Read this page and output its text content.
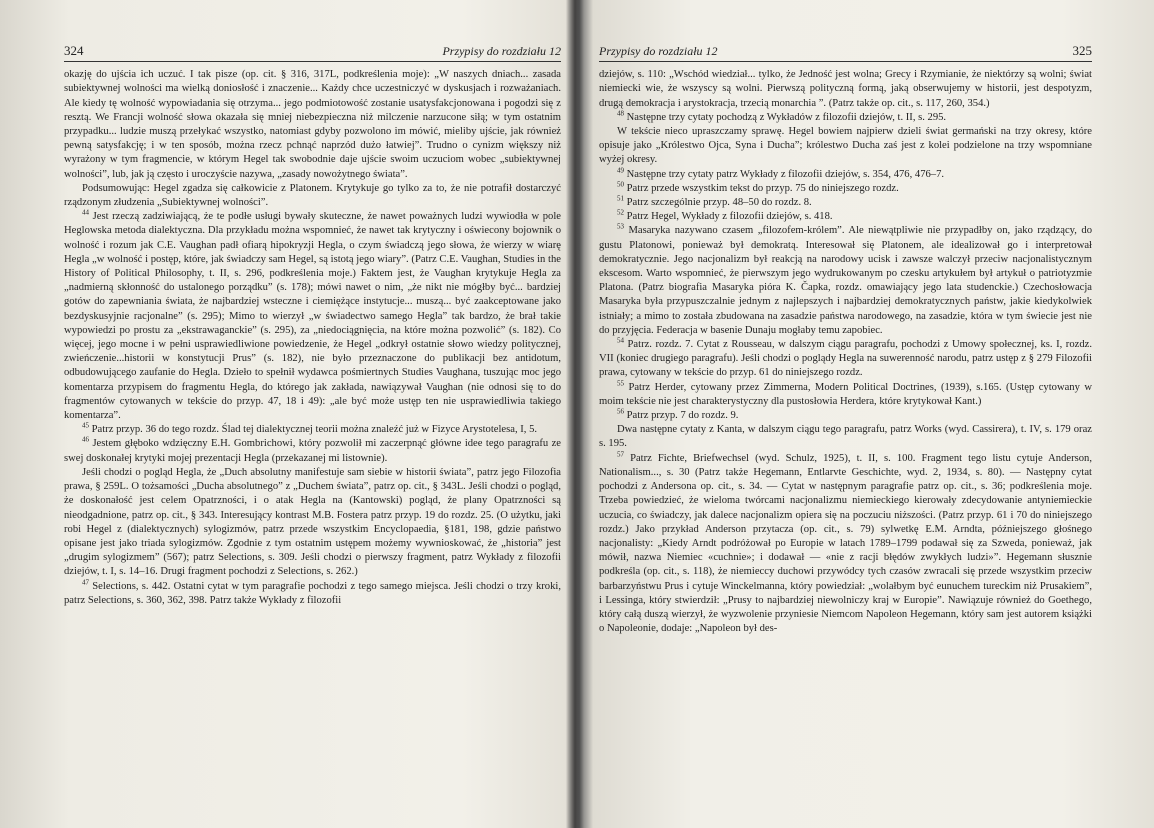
324	Przypisy do rozdziału 12

okazję do ujścia ich uczuć. I tak pisze (op. cit. § 316, 317L, podkreślenia moje): „W naszych dniach... zasada subiektywnej wolności ma wielką doniosłość i znaczenie... Każdy chce uczestniczyć w dyskusjach i rozważaniach. Ale kiedy tę wolność wypowiadania się otrzyma... jego podmiotowość zostanie usatysfakcjonowana i pogodzi się z resztą. We Francji wolność słowa okazała się mniej niebezpieczna niż milczenie narzucone siłą; w tym ostatnim przypadku... ludzie muszą przełykać wszystko, natomiast gdyby pozwolono im mówić, mieliby ujście, jak również pewną satysfakcję; i w ten sposób, można rzecz pchnąć naprzód dużo łatwiej”. Trudno o cynizm większy niż wyrażony w tym fragmencie, w którym Hegel tak swobodnie daje ujście swoim uczuciom wobec „subiektywnej wolności”, lub, jak ją często i uroczyście nazywa, „zasady nowożytnego świata”.

Podsumowując: Hegel zgadza się całkowicie z Platonem. Krytykuje go tylko za to, że nie potrafił dostarczyć rządzonym złudzenia „Subiektywnej wolności”.

$^{44}$ Jest rzeczą zadziwiającą, że te podłe usługi bywały skuteczne, że nawet poważnych ludzi wywiodła w pole Heglowska metoda dialektyczna. Dla przykładu można wspomnieć, że nawet tak krytyczny i oświecony bojownik o wolność i rozum jak C.E. Vaughan padł ofiarą hipokryzji Hegla, o czym świadczą jego słowa, że wierzy w wiarę Hegla „w wolność i postęp, które, jak świadczy sam Hegel, są istotą jego wiary”. (Patrz C.E. Vaughan, Studies in the History of Political Philosophy, t. II, s. 296, podkreślenia moje.) Faktem jest, że Vaughan krytykuje Hegla za „nadmierną skłonność do ustalonego porządku” (s. 178); mówi nawet o nim, „że nikt nie mógłby być... bardziej gotów do zapewniania świata, że najbardziej wsteczne i ciemiężące instytucje... muszą... być zaakceptowane jako bezdyskusyjnie racjonalne” (s. 295); Mimo to wierzył „w świadectwo samego Hegla” tak bardzo, że brał takie wypowiedzi po prostu za „ekstrawaganckie” (s. 295), za „niedociągnięcia, na które można pozwolić” (s. 182). Co więcej, jego mocne i w pełni usprawiedliwione powiedzenie, że Hegel „odkrył ostatnie słowo wiedzy politycznej, zwieńczenie...historii w konstytucji Prus” (s. 182), nie było przeznaczone do publikacji bez antidotum, odbudowującego zaufanie do Hegla. Dzieło to spełnił wydawca pośmiertnych Studies Vaughana, tuszując moc jego komentarza przypisem do fragmentu Hegla, do którego jak zakłada, nawiązywał Vaughan (nie odnosi się to do fragmentów cytowanych w tekście do przyp. 47, 18 i 49): „ale być może ustęp ten nie usprawiedliwia takiego komentarza”.

$^{45}$ Patrz przyp. 36 do tego rozdz. Ślad tej dialektycznej teorii można znaleźć już w Fizyce Arystotelesa, I, 5.

$^{46}$ Jestem głęboko wdzięczny E.H. Gombrichowi, który pozwolił mi zaczerpnąć główne idee tego paragrafu ze swej doskonałej krytyki mojej prezentacji Hegla (przekazanej mi listownie).

Jeśli chodzi o pogląd Hegla, że „Duch absolutny manifestuje sam siebie w historii świata”, patrz jego Filozofia prawa, § 259L. O tożsamości „Ducha absolutnego” z „Duchem świata”, patrz op. cit., § 343L. Jeśli chodzi o pogląd, że doskonałość jest celem Opatrzności, i o atak Hegla na (Kantowski) pogląd, że plany Opatrzności są nieodgadnione, patrz op. cit., § 343. Interesujący kontrast M.B. Fostera patrz przyp. 19 do rozdz. 25. (O użytku, jaki robi Hegel z (dialektycznych) sylogizmów, patrz przede wszystkim Encyclopaedia, §181, 198, gdzie państwo opisane jest jako triada sylogizmów. Zgodnie z tym ostatnim ustępem możemy wywnioskować, że „historia” jest „drugim sylogizmem” (567); patrz Selections, s. 309. Jeśli chodzi o pierwszy fragment, patrz Wykłady z filozofii dziejów, t. I, s. 14–16. Drugi fragment pochodzi z Selections, s. 262.)

$^{47}$ Selections, s. 442. Ostatni cytat w tym paragrafie pochodzi z tego samego miejsca. Jeśli chodzi o trzy kroki, patrz Selections, s. 360, 362, 398. Patrz także Wykłady z filozofii

Przypisy do rozdziału 12	325

dziejów, s. 110: „Wschód wiedział... tylko, że Jedność jest wolna; Grecy i Rzymianie, że niektórzy są wolni; świat niemiecki wie, że wszyscy są wolni. Pierwszą polityczną formą, jaką obserwujemy w historii, jest despotyzm, drugą demokracja i arystokracja, trzecią monarchia ”. (Patrz także op. cit., s. 117, 260, 354.)

$^{48}$ Następne trzy cytaty pochodzą z Wykładów z filozofii dziejów, t. II, s. 295.

W tekście nieco upraszczamy sprawę. Hegel bowiem najpierw dzieli świat germański na trzy okresy, które opisuje jako „Królestwo Ojca, Syna i Ducha”; królestwo Ducha zaś jest z kolei podzielone na trzy wspomniane wyżej okresy.

$^{49}$ Następne trzy cytaty patrz Wykłady z filozofii dziejów, s. 354, 476, 476–7.

$^{50}$ Patrz przede wszystkim tekst do przyp. 75 do niniejszego rozdz.

$^{51}$ Patrz szczególnie przyp. 48–50 do rozdz. 8.

$^{52}$ Patrz Hegel, Wykłady z filozofii dziejów, s. 418.

$^{53}$ Masaryka nazywano czasem „filozofem-królem”. Ale niewątpliwie nie przypadłby on, jako rządzący, do gustu Platonowi, ponieważ był demokratą. Interesował się Platonem, ale idealizował go i interpretował demokratycznie. Jego nacjonalizm był reakcją na narodowy ucisk i zawsze walczył przeciw nacjonalistycznym ekscesom. Warto wspomnieć, że pierwszym jego wydrukowanym po czesku artykułem był artykuł o patriotyzmie Platona. (Patrz biografia Masaryka pióra K. Čapka, rozdz. omawiający jego lata studenckie.) Czechosłowacja Masaryka była przypuszczalnie jednym z najlepszych i najbardziej demokratycznych państw, jakie kiedykolwiek istniały; a mimo to została zbudowana na zasadzie państwa narodowego, na zasadzie, która w tym świecie jest nie do przyjęcia. Federacja w basenie Dunaju mogłaby temu zapobiec.

$^{54}$ Patrz. rozdz. 7. Cytat z Rousseau, w dalszym ciągu paragrafu, pochodzi z Umowy społecznej, ks. I, rozdz. VII (koniec drugiego paragrafu). Jeśli chodzi o poglądy Hegla na suwerenność narodu, patrz ustęp z § 279 Filozofii prawa, cytowany w tekście do przyp. 61 do niniejszego rozdz.

$^{55}$ Patrz Herder, cytowany przez Zimmerna, Modern Political Doctrines, (1939), s.165. (Ustęp cytowany w moim tekście nie jest charakterystyczny dla pustosłowia Herdera, które krytykował Kant.)

$^{56}$ Patrz przyp. 7 do rozdz. 9.

Dwa następne cytaty z Kanta, w dalszym ciągu tego paragrafu, patrz Works (wyd. Cassirera), t. IV, s. 179 oraz s. 195.

$^{57}$ Patrz Fichte, Briefwechsel (wyd. Schulz, 1925), t. II, s. 100. Fragment tego listu cytuje Anderson, Nationalism..., s. 30 (Patrz także Hegemann, Entlarvte Geschichte, wyd. 2, 1934, s. 80). — Następny cytat pochodzi z Andersona op. cit., s. 34. — Cytat w następnym paragrafie patrz op. cit., s. 36; podkreślenia moje. Trzeba powiedzieć, że wieloma twórcami nacjonalizmu niemieckiego kierowały zdecydowanie antyniemieckie uczucia, co świadczy, jak dalece nacjonalizm opiera się na poczuciu niższości. (Patrz przyp. 61 i 70 do niniejszego rozdz.) Jako przykład Anderson przytacza (op. cit., s. 79) sylwetkę E.M. Arndta, późniejszego głośnego nacjonalisty: „Kiedy Arndt podróżował po Europie w latach 1789–1799 podawał się za Szweda, ponieważ, jak mówił, nazwa Niemiec «cuchnie»; i dodawał — «nie z racji błędów zwykłych ludzi»”. Hegemann słusznie podkreśla (op. cit., s. 118), że niemieccy duchowi przywódcy tych czasów zwracali się przede wszystkim przeciw barbarzyństwu Prus i cytuje Winckelmanna, który powiedział: „wolałbym być eunuchem tureckim niż Prusakiem”, i Lessinga, który stwierdził: „Prusy to najbardziej niewolniczy kraj w Europie”. Nawiązuje również do Goethego, który całą duszą wierzył, że wyzwolenie przyniesie Niemcom Napoleon Hegemann, który sam jest autorem książki o Napoleonie, dodaje: „Napoleon był des-
